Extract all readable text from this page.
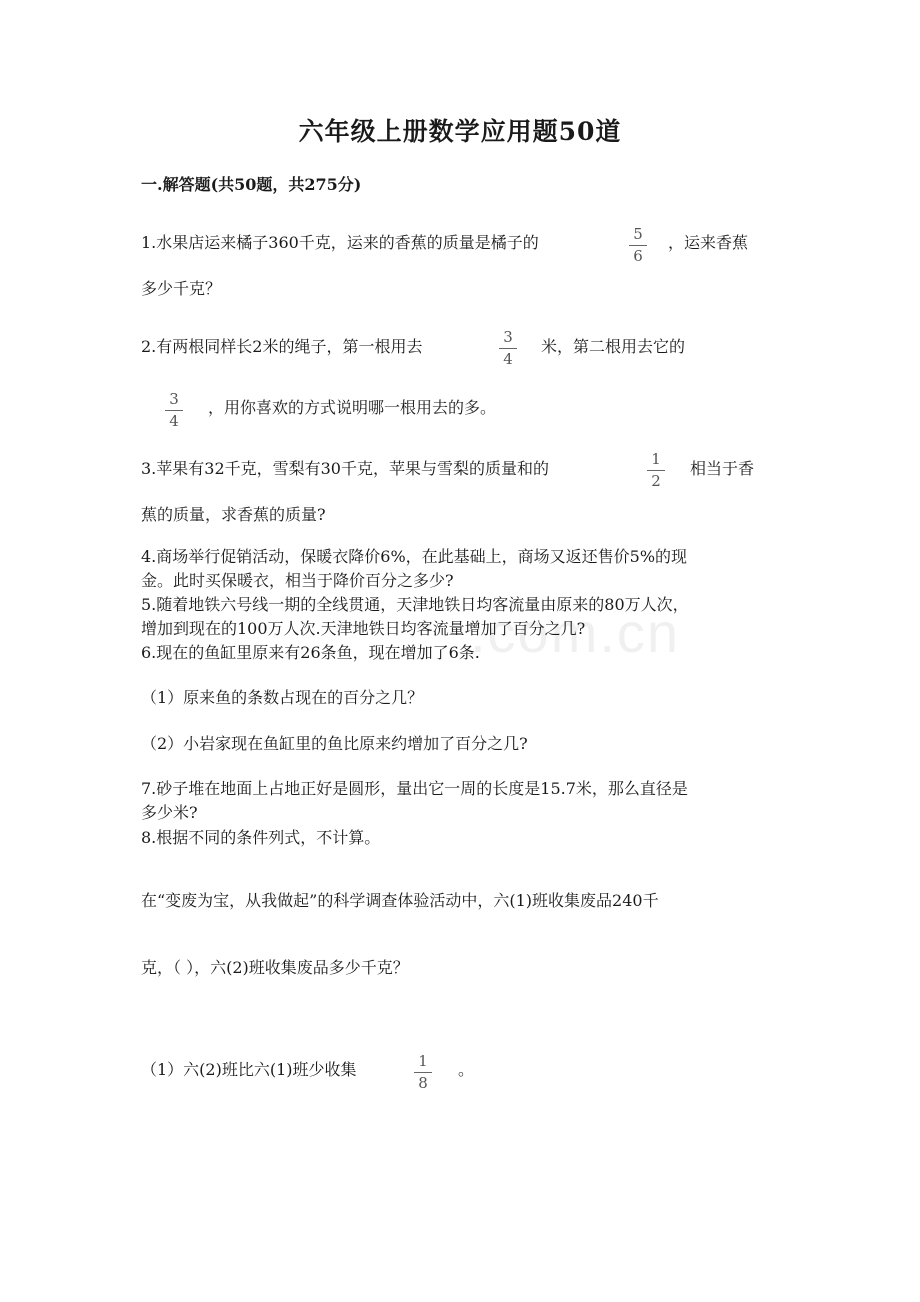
.com.cn
六年级上册数学应用题50道
一.解答题(共50题，共275分)
1.水果店运来橘子360千克，运来的香蕉的质量是橘子的	5
6
，运来香蕉
多少千克？
2.有两根同样长2米的绳子，第一根用去	3
4
米，第二根用去它的
3
4
，用你喜欢的方式说明哪一根用去的多。
3.苹果有32千克，雪梨有30千克，苹果与雪梨的质量和的	1
2
相当于香
蕉的质量，求香蕉的质量?
4.商场举行促销活动，保暖衣降价6%，在此基础上，商场又返还售价5%的现
金。此时买保暖衣，相当于降价百分之多少?
5.随着地铁六号线一期的全线贯通，天津地铁日均客流量由原来的80万人次，
增加到现在的100万人次.天津地铁日均客流量增加了百分之几?
6.现在的鱼缸里原来有26条鱼，现在增加了6条.
（1）原来鱼的条数占现在的百分之几？
（2）小岩家现在鱼缸里的鱼比原来约增加了百分之几?
7.砂子堆在地面上占地正好是圆形，量出它一周的长度是15.7米，那么直径是
多少米?
8.根据不同的条件列式，不计算。
在“变废为宝，从我做起”的科学调查体验活动中，六(1)班收集废品240千
克，（ ），六(2)班收集废品多少千克？
（1）六(2)班比六(1)班少收集	1
8
。
